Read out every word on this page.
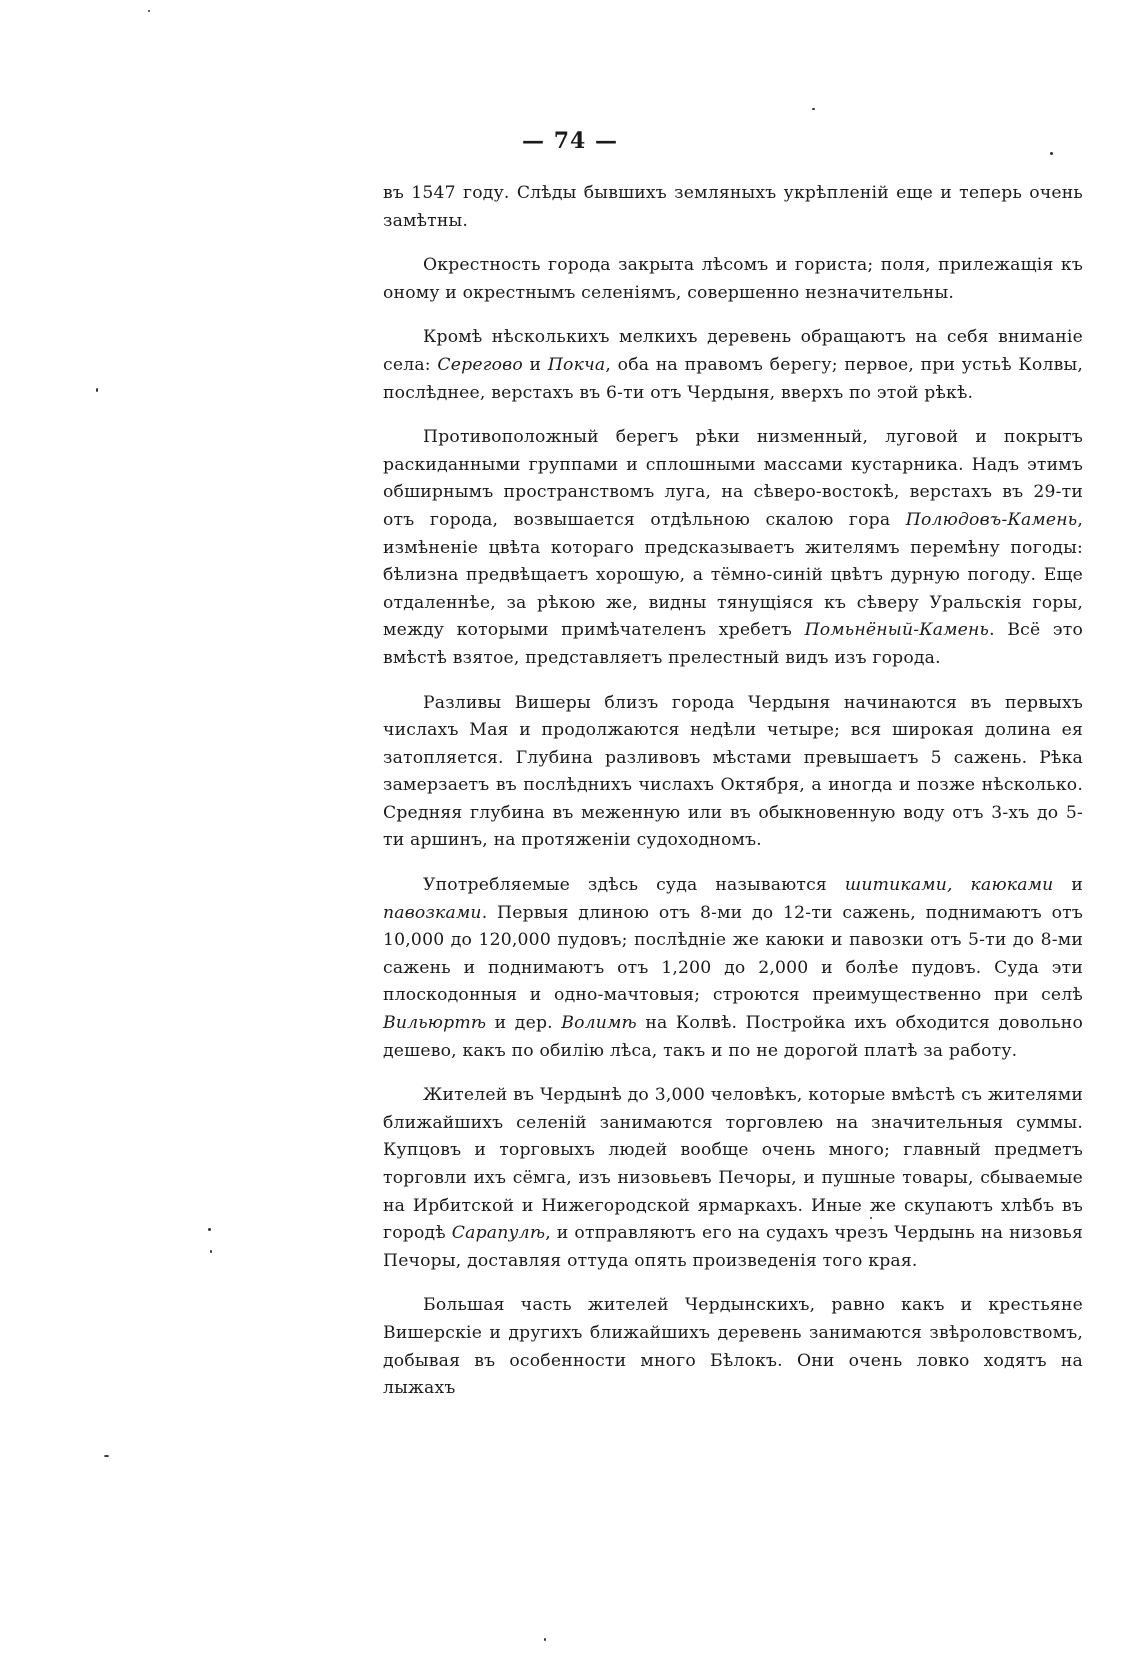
— 74 —

въ 1547 году. Слѣды бывшихъ земляныхъ укрѣпленій еще и теперь очень замѣтны.

Окрестность города закрыта лѣсомъ и гориста; поля, прилежащія къ оному и окрестнымъ селеніямъ, совершенно незначительны.

Кромѣ нѣсколькихъ мелкихъ деревень обращаютъ на себя вниманіе села: Серегово и Покча, оба на правомъ берегу; первое, при устьѣ Колвы, послѣднее, верстахъ въ 6-ти отъ Чердыня, вверхъ по этой рѣкѣ.

Противоположный берегъ рѣки низменный, луговой и покрытъ раскиданными группами и сплошными массами кустарника. Надъ этимъ обширнымъ пространствомъ луга, на сѣверо-востокѣ, верстахъ въ 29-ти отъ города, возвышается отдѣльною скалою гора Полюдовъ-Камень, измѣненіе цвѣта котораго предсказываетъ жителямъ перемѣну погоды: бѣлизна предвѣщаетъ хорошую, а тёмно-синій цвѣтъ дурную погоду. Еще отдаленнѣе, за рѣкою же, видны тянущіяся къ сѣверу Уральскія горы, между которыми примѣчателенъ хребетъ Помьнёный-Камень. Всё это вмѣстѣ взятое, представляетъ прелестный видъ изъ города.

Разливы Вишеры близъ города Чердыня начинаются въ первыхъ числахъ Мая и продолжаются недѣли четыре; вся широкая долина ея затопляется. Глубина разливовъ мѣстами превышаетъ 5 сажень. Рѣка замерзаетъ въ послѣднихъ числахъ Октября, а иногда и позже нѣсколько. Средняя глубина въ меженную или въ обыкновенную воду отъ 3-хъ до 5-ти аршинъ, на протяженіи судоходномъ.

Употребляемые здѣсь суда называются шитиками, каюками и павозками. Первыя длиною отъ 8-ми до 12-ти сажень, поднимаютъ отъ 10,000 до 120,000 пудовъ; послѣдніе же каюки и павозки отъ 5-ти до 8-ми сажень и поднимаютъ отъ 1,200 до 2,000 и болѣе пудовъ. Суда эти плоскодонныя и одно-мачтовыя; строются преимущественно при селѣ Вильюртѣ и дер. Волимѣ на Колвѣ. Постройка ихъ обходится довольно дешево, какъ по обилію лѣса, такъ и по не дорогой платѣ за работу.

Жителей въ Чердынѣ до 3,000 человѣкъ, которые вмѣстѣ съ жителями ближайшихъ селеній занимаются торговлею на значительныя суммы. Купцовъ и торговыхъ людей вообще очень много; главный предметъ торговли ихъ сёмга, изъ низовьевъ Печоры, и пушные товары, сбываемые на Ирбитской и Нижегородской ярмаркахъ. Иные же скупаютъ хлѣбъ въ городѣ Сарапулѣ, и отправляютъ его на судахъ чрезъ Чердынь на низовья Печоры, доставляя оттуда опять произведенія того края.

Большая часть жителей Чердынскихъ, равно какъ и крестьяне Вишерскіе и другихъ ближайшихъ деревень занимаются звѣроловствомъ, добывая въ особенности много Бѣлокъ. Они очень ловко ходятъ на лыжахъ
